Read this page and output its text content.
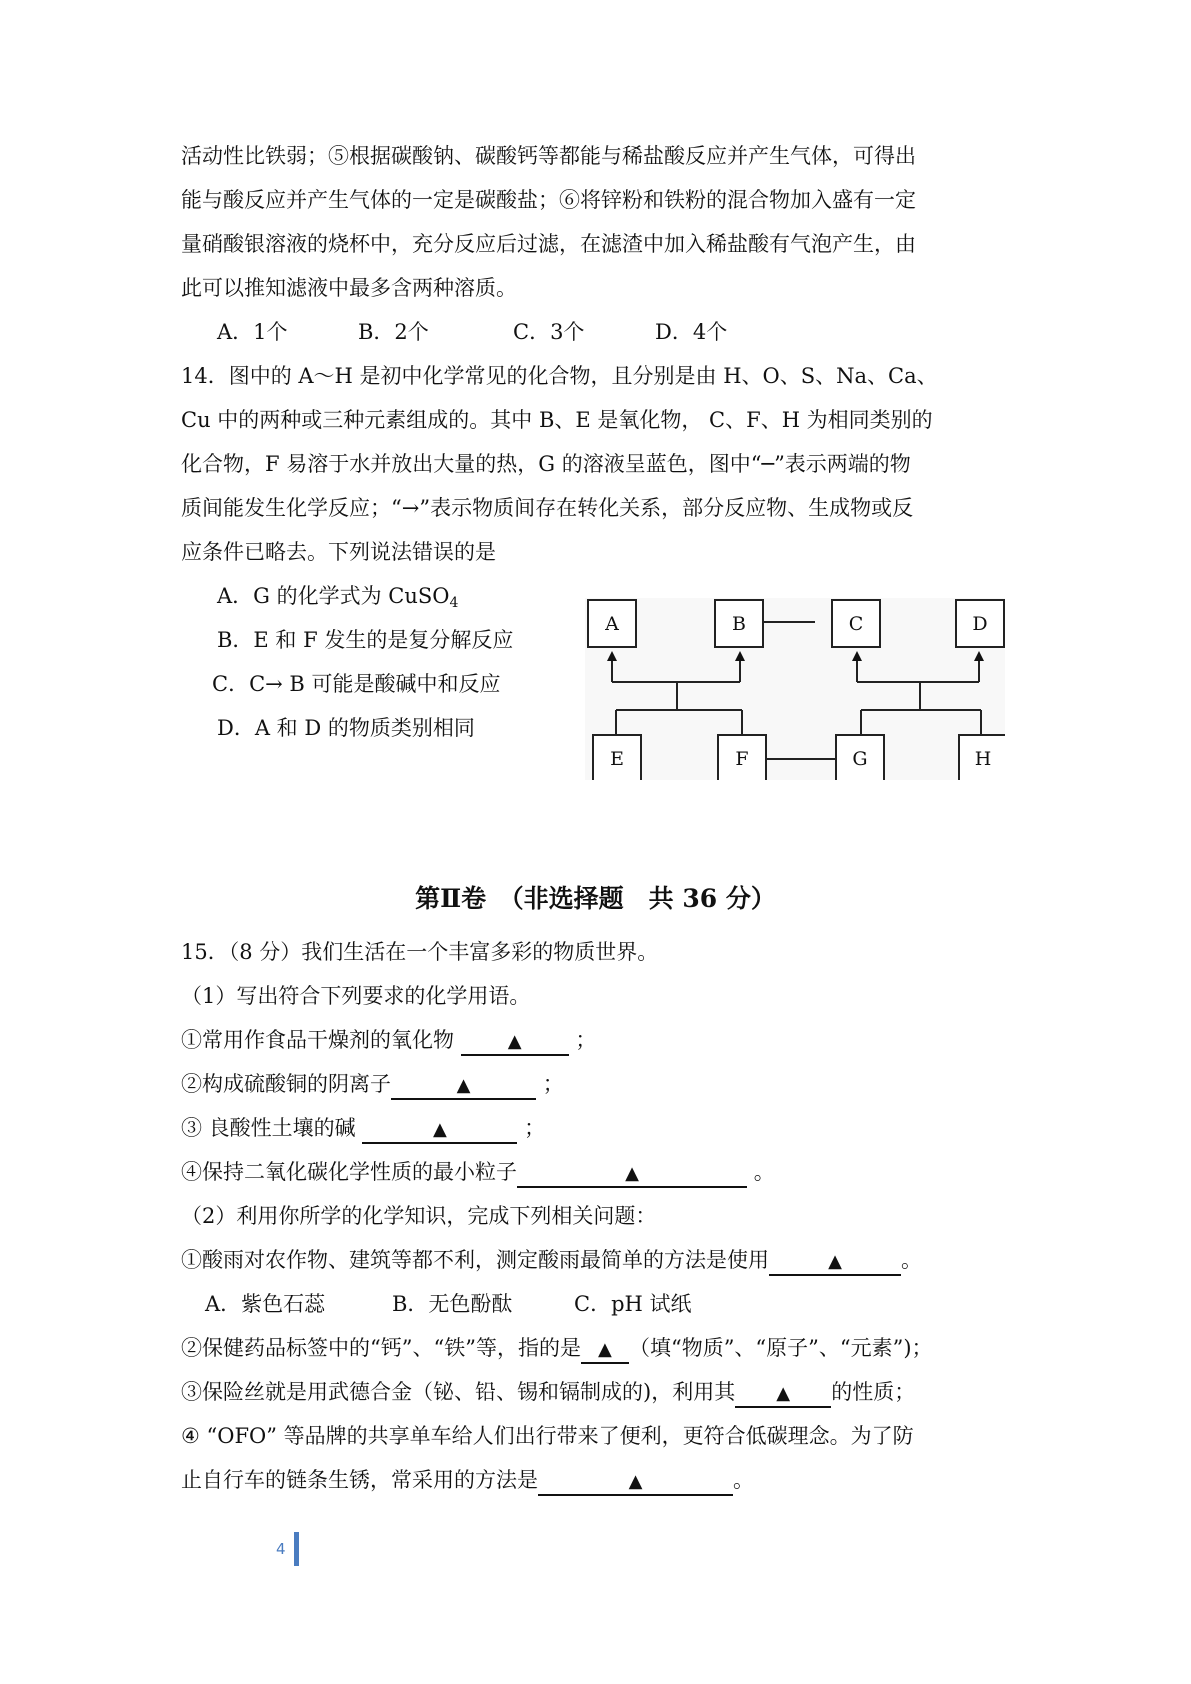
活动性比铁弱；⑤根据碳酸钠、碳酸钙等都能与稀盐酸反应并产生气体，可得出
能与酸反应并产生气体的一定是碳酸盐；⑥将锌粉和铁粉的混合物加入盛有一定
量硝酸银溶液的烧杯中，充分反应后过滤，在滤渣中加入稀盐酸有气泡产生，由
此可以推知滤液中最多含两种溶质。
A．1个	B．2个	C．3个	D．4个
14．图中的 A～H 是初中化学常见的化合物，且分别是由 H、O、S、Na、Ca、
Cu 中的两种或三种元素组成的。其中 B、E 是氧化物， C、F、H 为相同类别的
化合物，F 易溶于水并放出大量的热，G 的溶液呈蓝色，图中“─”表示两端的物
质间能发生化学反应；“→”表示物质间存在转化关系，部分反应物、生成物或反
应条件已略去。下列说法错误的是
A．G 的化学式为 CuSO$_4$
B．E 和 F 发生的是复分解反应
C．C→ B 可能是酸碱中和反应
D．A 和 D 的物质类别相同
A	B	C	D
E	F	G	H
第Ⅱ卷　（非选择题　共 36 分）
15．（8 分）我们生活在一个丰富多彩的物质世界。
（1）写出符合下列要求的化学用语。
①常用作食品干燥剂的氧化物	▲	；
②构成硫酸铜的阴离子	▲	；
③ 良酸性土壤的碱	▲	；
④保持二氧化碳化学性质的最小粒子	▲	。
（2）利用你所学的化学知识，完成下列相关问题：
①酸雨对农作物、建筑等都不利，测定酸雨最简单的方法是使用	▲	。
A．紫色石蕊	B．无色酚酞	C．pH 试纸
②保健药品标签中的“钙”、“铁”等，指的是 ▲ （填“物质”、“原子”、“元素”)；
③保险丝就是用武德合金（铋、铅、锡和镉制成的)，利用其 ▲ 的性质；
④ “OFO” 等品牌的共享单车给人们出行带来了便利，更符合低碳理念。为了防
止自行车的链条生锈，常采用的方法是	▲	。
4
